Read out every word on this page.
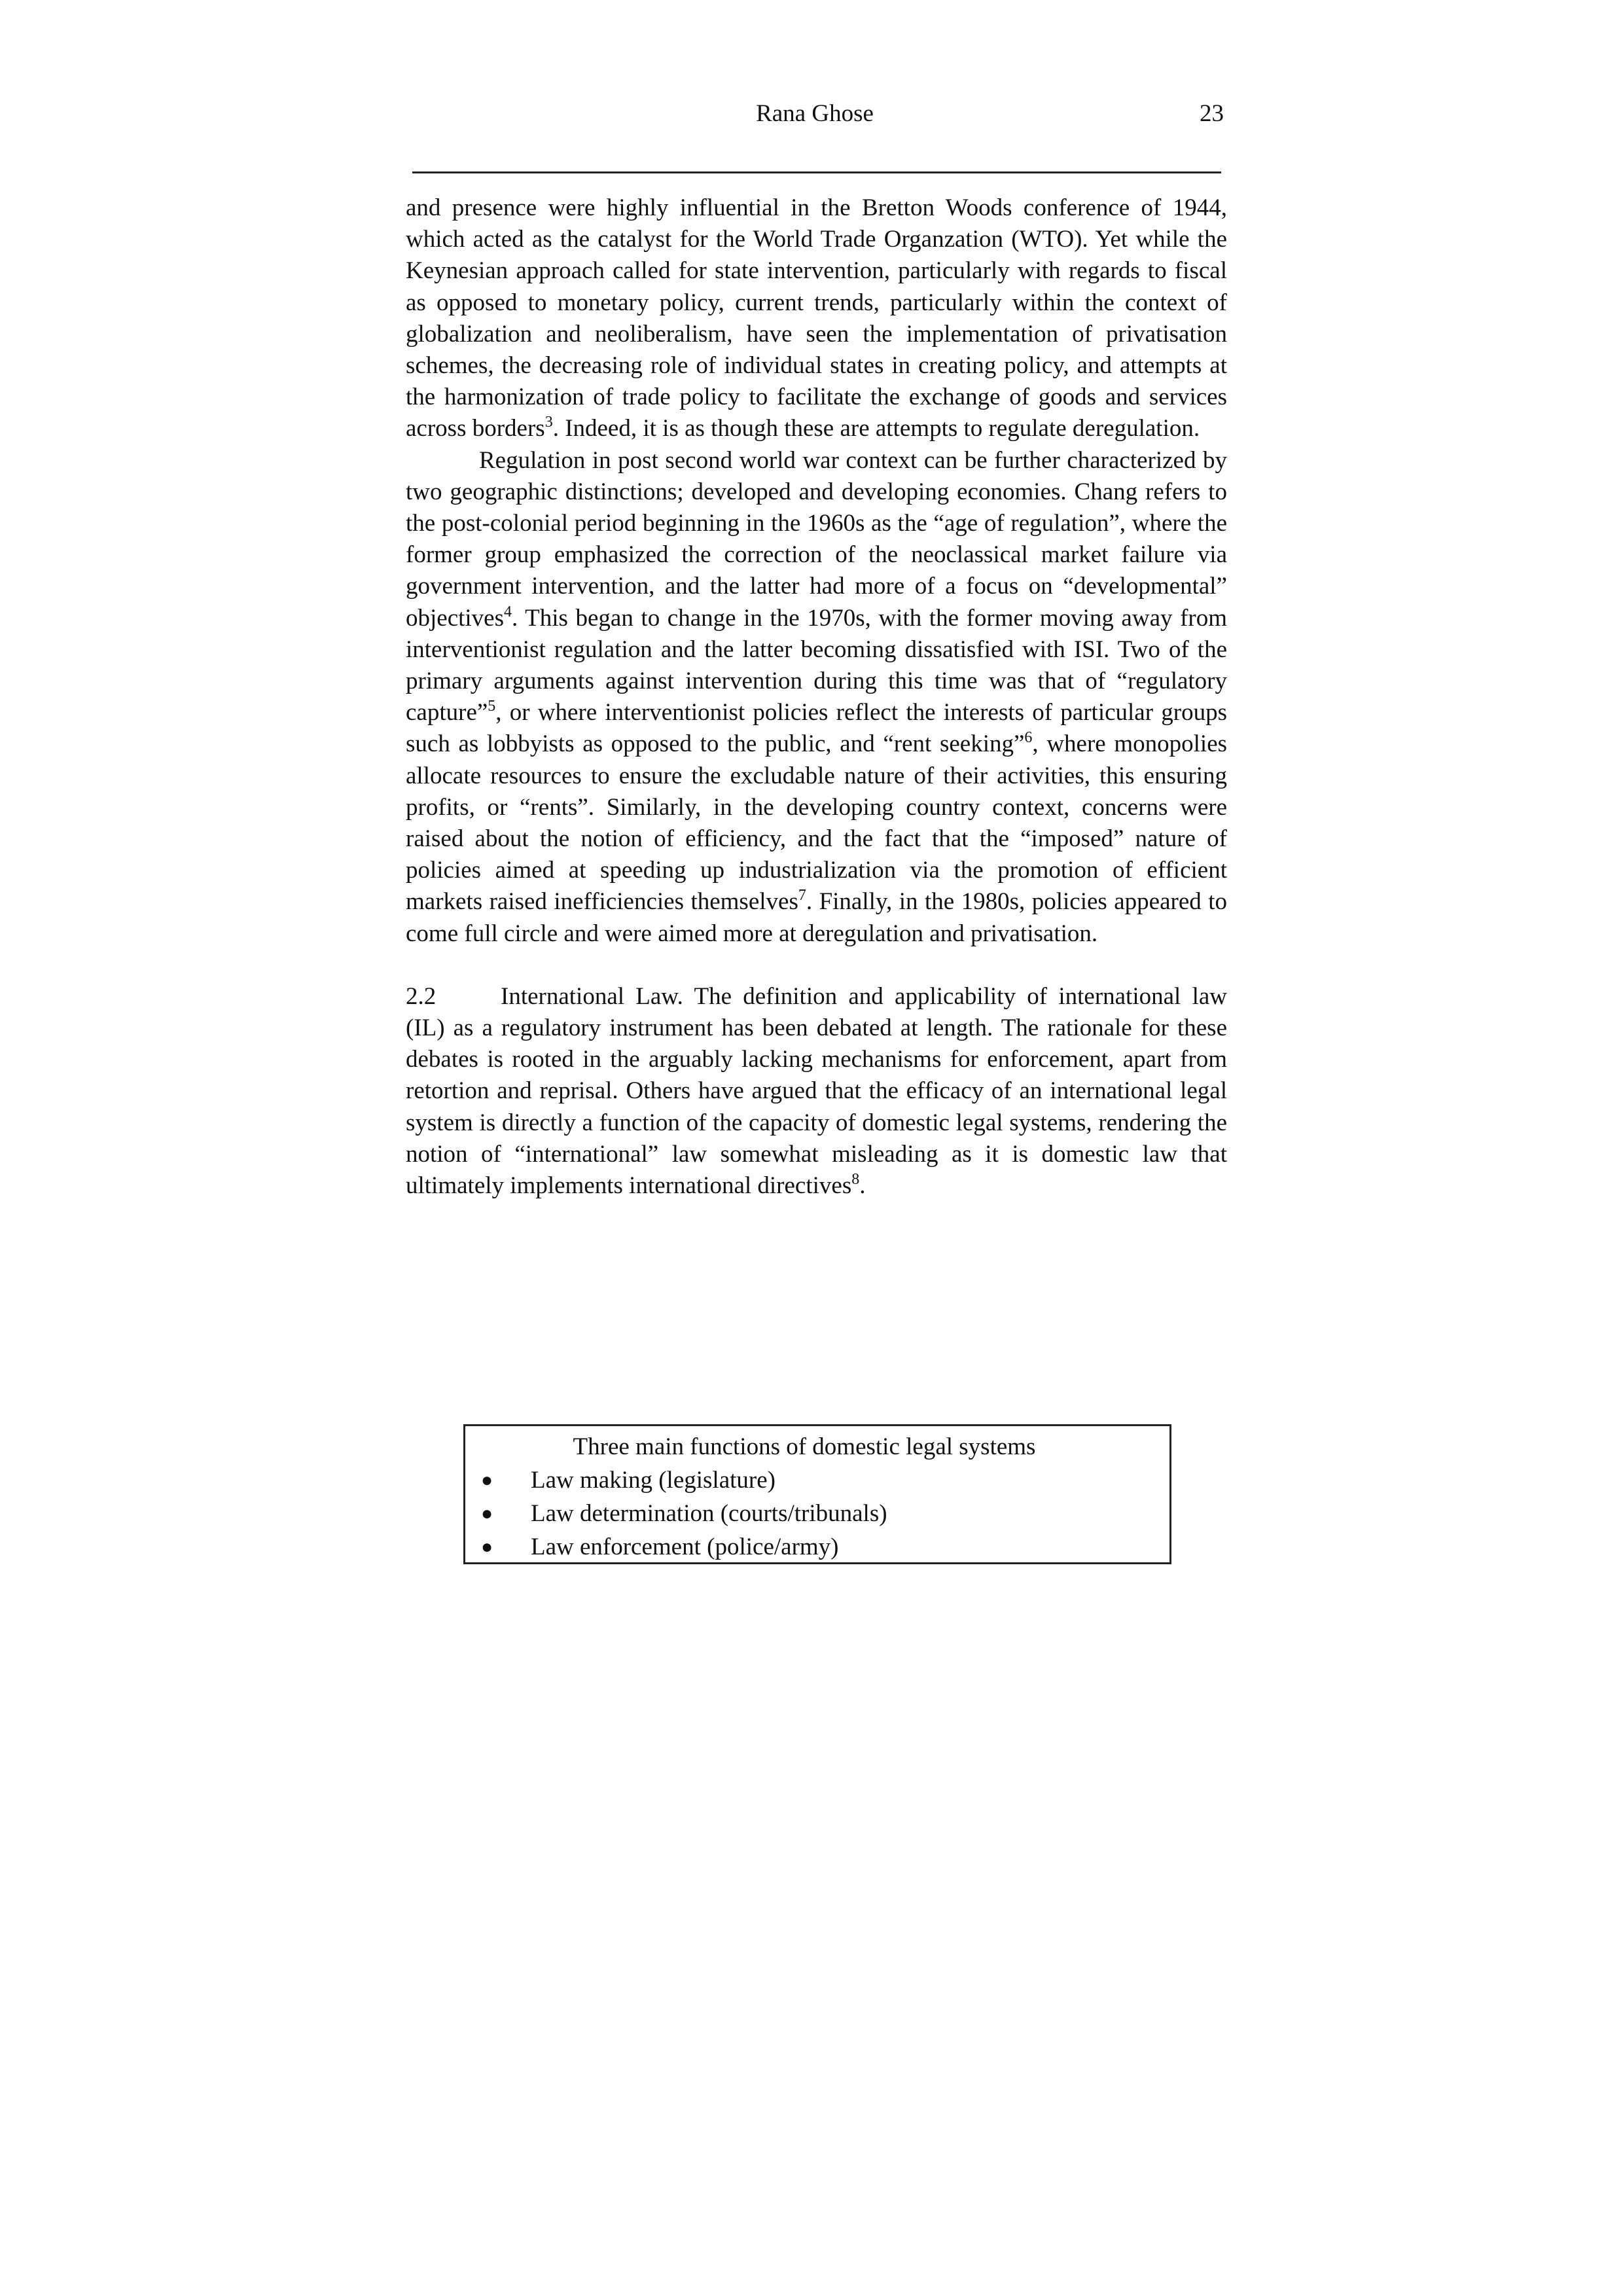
Rana Ghose	23

and presence were highly influential in the Bretton Woods conference of 1944, which acted as the catalyst for the World Trade Organzation (WTO). Yet while the Keynesian approach called for state intervention, particularly with regards to fiscal as opposed to monetary policy, current trends, particularly within the context of globalization and neoliberalism, have seen the implementation of privatisation schemes, the decreasing role of individual states in creating policy, and attempts at the harmonization of trade policy to facilitate the exchange of goods and services across borders$^3$. Indeed, it is as though these are attempts to regulate deregulation.

Regulation in post second world war context can be further characterized by two geographic distinctions; developed and developing economies. Chang refers to the post-colonial period beginning in the 1960s as the “age of regulation”, where the former group emphasized the correction of the neoclassical market failure via government intervention, and the latter had more of a focus on “developmental” objectives$^4$. This began to change in the 1970s, with the former moving away from interventionist regulation and the latter becoming dissatisfied with ISI. Two of the primary arguments against intervention during this time was that of “regulatory capture”$^5$, or where interventionist policies reflect the interests of particular groups such as lobbyists as opposed to the public, and “rent seeking”$^6$, where monopolies allocate resources to ensure the excludable nature of their activities, this ensuring profits, or “rents”. Similarly, in the developing country context, concerns were raised about the notion of efficiency, and the fact that the “imposed” nature of policies aimed at speeding up industrialization via the promotion of efficient markets raised inefficiencies themselves$^7$. Finally, in the 1980s, policies appeared to come full circle and were aimed more at deregulation and privatisation.

2.2	International Law. The definition and applicability of international law (IL) as a regulatory instrument has been debated at length. The rationale for these debates is rooted in the arguably lacking mechanisms for enforcement, apart from retortion and reprisal. Others have argued that the efficacy of an international legal system is directly a function of the capacity of domestic legal systems, rendering the notion of “international” law somewhat misleading as it is domestic law that ultimately implements international directives$^8$.

Three main functions of domestic legal systems
● Law making (legislature)
● Law determination (courts/tribunals)
● Law enforcement (police/army)
